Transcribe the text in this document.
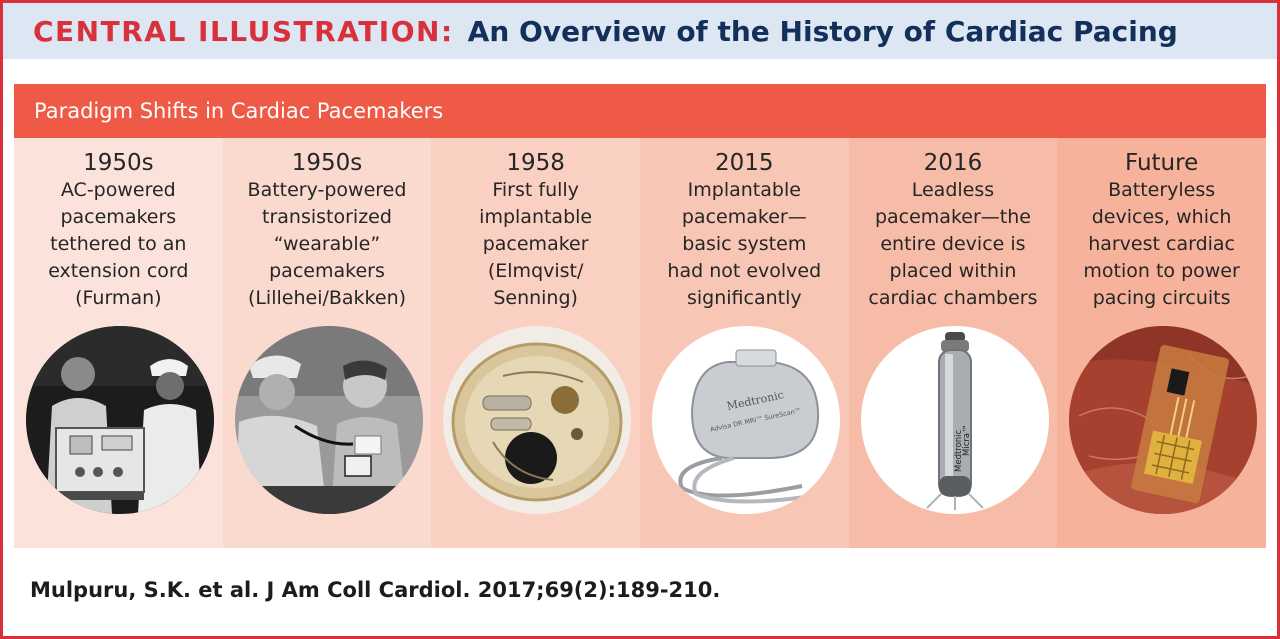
CENTRAL ILLUSTRATION: An Overview of the History of Cardiac Pacing
Paradigm Shifts in Cardiac Pacemakers
1950s
AC-powered
pacemakers
tethered to an
extension cord
(Furman)
1950s
Battery-powered
transistorized
“wearable”
pacemakers
(Lillehei/Bakken)
1958
First fully
implantable
pacemaker
(Elmqvist/
Senning)
2015
Implantable
pacemaker—
basic system
had not evolved
significantly
Medtronic
Advisa DR MRI™ SureScan™
2016
Leadless
pacemaker—the
entire device is
placed within
cardiac chambers
Medtronic
Micra™
Future
Batteryless
devices, which
harvest cardiac
motion to power
pacing circuits
Mulpuru, S.K. et al. J Am Coll Cardiol. 2017;69(2):189-210.
